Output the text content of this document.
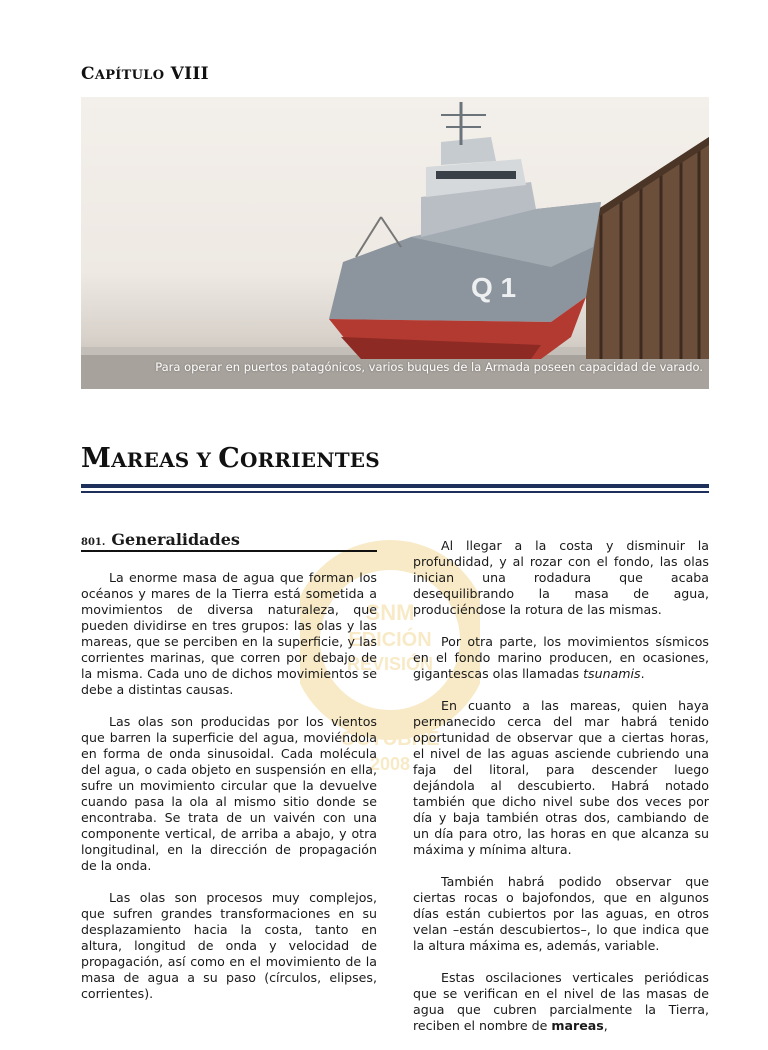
CAPÍTULO VIII
Q 1
Para operar en puertos patagónicos, varios buques de la Armada poseen capacidad de varado.
MAREAS Y CORRIENTES
SNM
EDICIÓN
REVISIÓN
OCTUBRE
2008
801. Generalidades

La enorme masa de agua que forman los océanos y mares de la Tierra está sometida a movimientos de diversa naturaleza, que pueden dividirse en tres grupos: las olas y las mareas, que se perciben en la superficie, y las corrientes marinas, que corren por debajo de la misma. Cada uno de dichos movimientos se debe a distintas causas.

Las olas son producidas por los vientos que barren la superficie del agua, moviéndola en forma de onda sinusoidal. Cada molécula del agua, o cada objeto en suspensión en ella, sufre un movimiento circular que la devuelve cuando pasa la ola al mismo sitio donde se encontraba. Se trata de un vaivén con una componente vertical, de arriba a abajo, y otra longitudinal, en la dirección de propagación de la onda.

Las olas son procesos muy complejos, que sufren grandes transformaciones en su desplazamiento hacia la costa, tanto en altura, longitud de onda y velocidad de propagación, así como en el movimiento de la masa de agua a su paso (círculos, elipses, corrientes).

Al llegar a la costa y disminuir la profundidad, y al rozar con el fondo, las olas inician una rodadura que acaba desequilibrando la masa de agua, produciéndose la rotura de las mismas.

Por otra parte, los movimientos sísmicos en el fondo marino producen, en ocasiones, gigantescas olas llamadas tsunamis.

En cuanto a las mareas, quien haya permanecido cerca del mar habrá tenido oportunidad de observar que a ciertas horas, el nivel de las aguas asciende cubriendo una faja del litoral, para descender luego dejándola al descubierto. Habrá notado también que dicho nivel sube dos veces por día y baja también otras dos, cambiando de un día para otro, las horas en que alcanza su máxima y mínima altura.

También habrá podido observar que ciertas rocas o bajofondos, que en algunos días están cubiertos por las aguas, en otros velan –están descubiertos–, lo que indica que la altura máxima es, además, variable.

Estas oscilaciones verticales periódicas que se verifican en el nivel de las masas de agua que cubren parcialmente la Tierra, reciben el nombre de mareas,
